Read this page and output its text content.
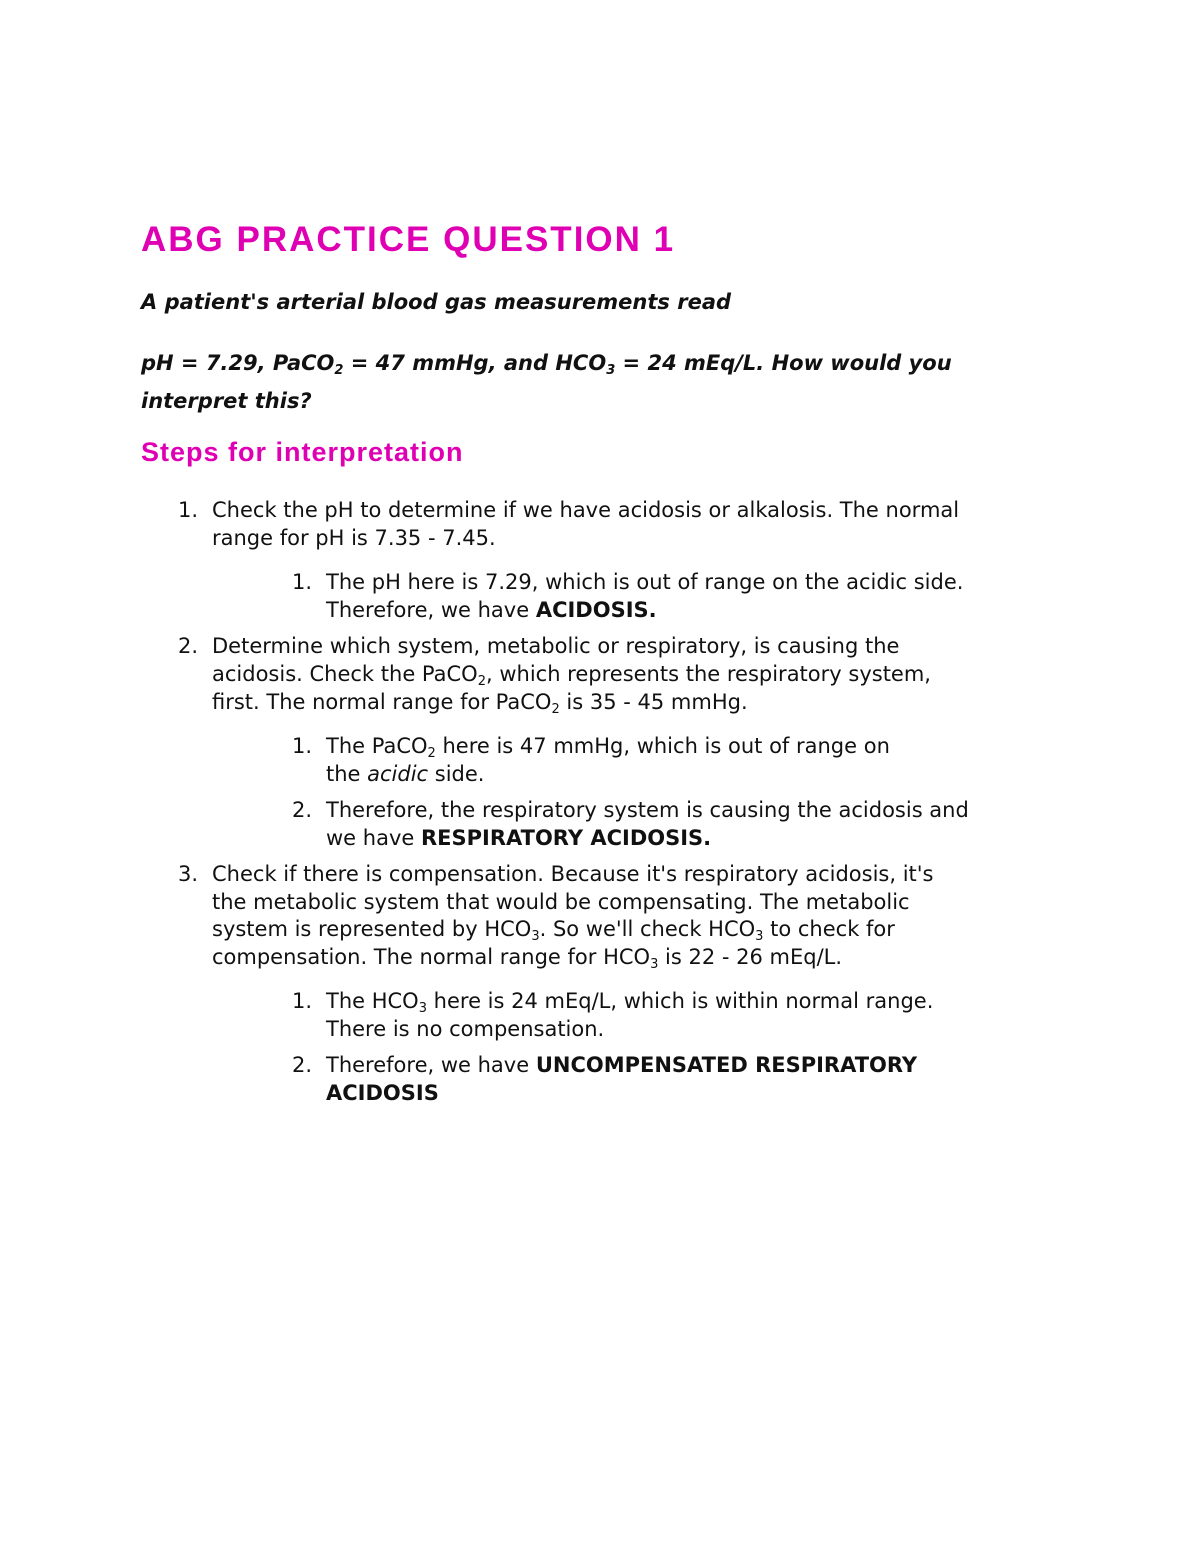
ABG PRACTICE QUESTION 1

A patient's arterial blood gas measurements read

pH = 7.29, PaCO$_2$ = 47 mmHg, and $HCO_3 = 24$ mEq/L. How would you

interpret this?

Steps for interpretation
1. Check the pH to determine if we have acidosis or alkalosis. The normal
range for pH is 7.35 - 7.45.
1. The pH here is 7.29, which is out of range on the acidic side.
Therefore, we have ACIDOSIS.
2. Determine which system, metabolic or respiratory, is causing the
acidosis. Check the PaCO$_2$, which represents the respiratory system,
first. The normal range for PaCO$_2$ is 35 - 45 mmHg.
1. The PaCO$_2$ here is 47 mmHg, which is out of range on
the acidic side.
2. Therefore, the respiratory system is causing the acidosis and
we have RESPIRATORY ACIDOSIS.
3. Check if there is compensation. Because it's respiratory acidosis, it's
the metabolic system that would be compensating. The metabolic
system is represented by $HCO_3$. So we'll check $HCO_3$ to check for
compensation. The normal range for $HCO_3$ is 22 - 26 mEq/L.
1. The $HCO_3$ here is 24 mEq/L, which is within normal range.
There is no compensation.
2. Therefore, we have UNCOMPENSATED RESPIRATORY
ACIDOSIS
